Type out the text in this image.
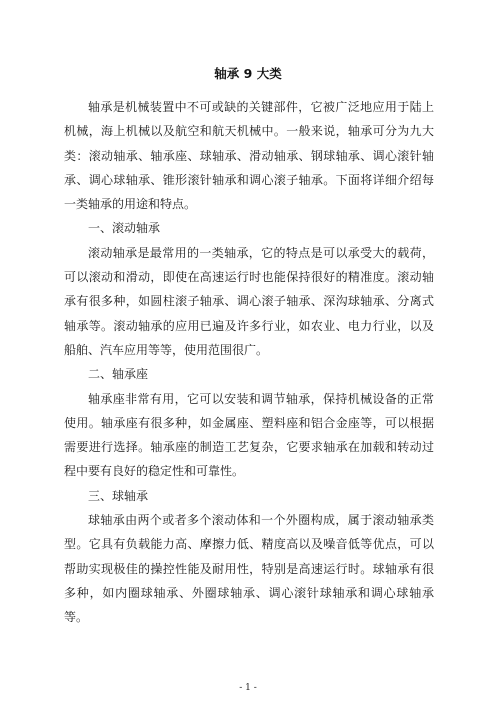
轴承 9 大类

轴承是机械装置中不可或缺的关键部件，它被广泛地应用于陆上机械，海上机械以及航空和航天机械中。一般来说，轴承可分为九大类：滚动轴承、轴承座、球轴承、滑动轴承、钢球轴承、调心滚针轴承、调心球轴承、锥形滚针轴承和调心滚子轴承。下面将详细介绍每一类轴承的用途和特点。

一、滚动轴承

滚动轴承是最常用的一类轴承，它的特点是可以承受大的载荷，可以滚动和滑动，即使在高速运行时也能保持很好的精准度。滚动轴承有很多种，如圆柱滚子轴承、调心滚子轴承、深沟球轴承、分离式轴承等。滚动轴承的应用已遍及许多行业，如农业、电力行业，以及船舶、汽车应用等等，使用范围很广。

二、轴承座

轴承座非常有用，它可以安装和调节轴承，保持机械设备的正常使用。轴承座有很多种，如金属座、塑料座和铝合金座等，可以根据需要进行选择。轴承座的制造工艺复杂，它要求轴承在加载和转动过程中要有良好的稳定性和可靠性。

三、球轴承

球轴承由两个或者多个滚动体和一个外圈构成，属于滚动轴承类型。它具有负载能力高、摩擦力低、精度高以及噪音低等优点，可以帮助实现极佳的操控性能及耐用性，特别是高速运行时。球轴承有很多种，如内圈球轴承、外圈球轴承、调心滚针球轴承和调心球轴承等。

- 1 -
